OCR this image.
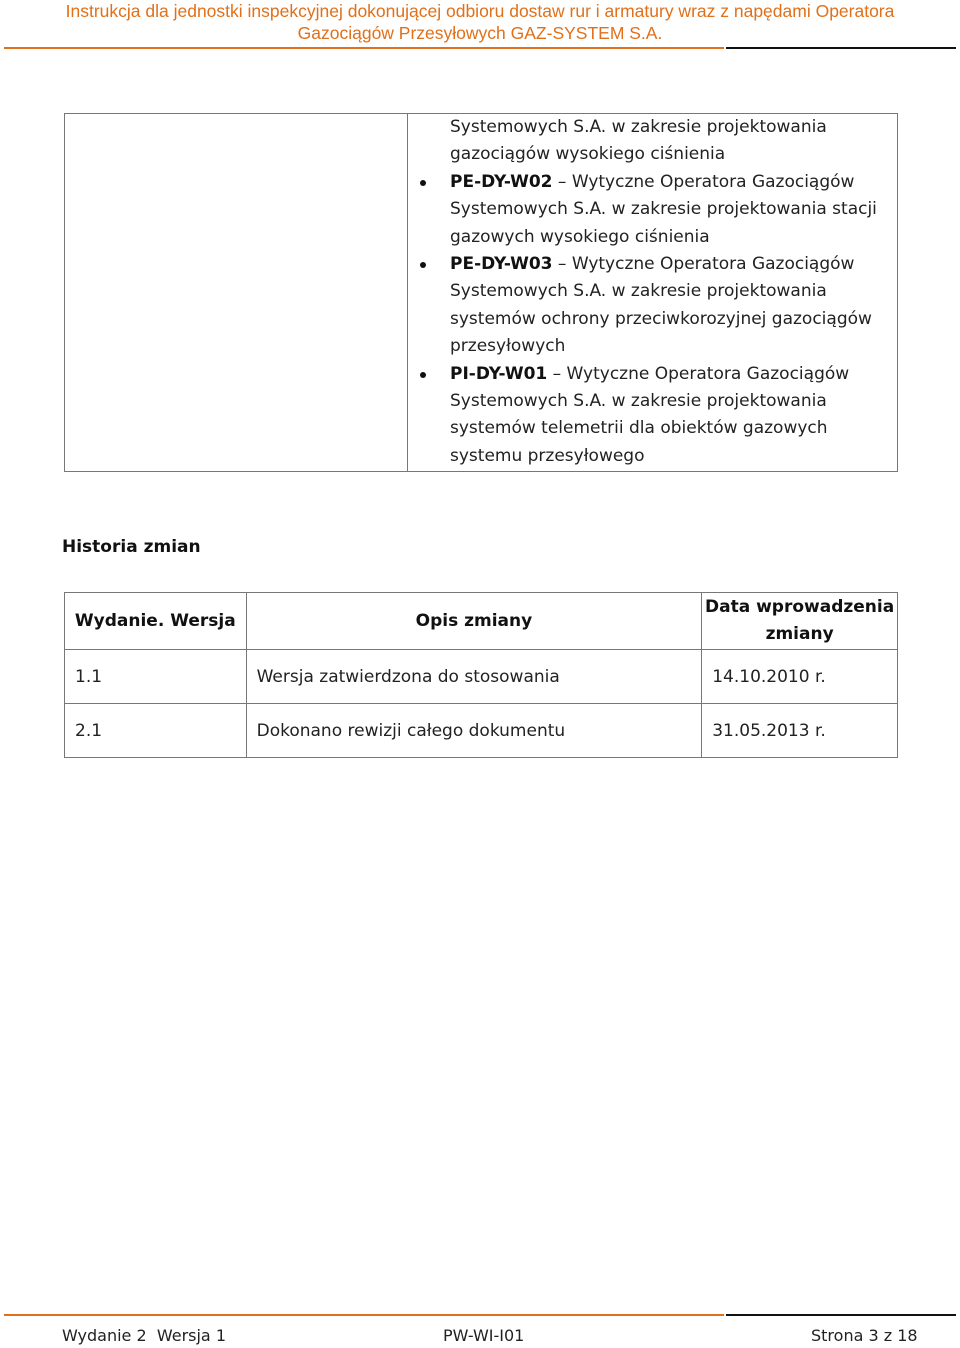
Instrukcja dla jednostki inspekcyjnej dokonującej odbioru dostaw rur i armatury wraz z napędami Operatora
Gazociągów Przesyłowych GAZ-SYSTEM S.A.

Systemowych S.A. w zakresie projektowania gazociągów wysokiego ciśnienia
PE-DY-W02 – Wytyczne Operatora Gazociągów Systemowych S.A. w zakresie projektowania stacji gazowych wysokiego ciśnienia
PE-DY-W03 – Wytyczne Operatora Gazociągów Systemowych S.A. w zakresie projektowania systemów ochrony przeciwkorozyjnej gazociągów przesyłowych
PI-DY-W01 – Wytyczne Operatora Gazociągów Systemowych S.A. w zakresie projektowania systemów telemetrii dla obiektów gazowych systemu przesyłowego
Historia zmian
Wydanie. Wersja	Opis zmiany	Data wprowadzenia zmiany
1.1	Wersja zatwierdzona do stosowania	14.10.2010 r.
2.1	Dokonano rewizji całego dokumentu	31.05.2013 r.
Wydanie 2  Wersja 1	PW-WI-I01	Strona 3 z 18
